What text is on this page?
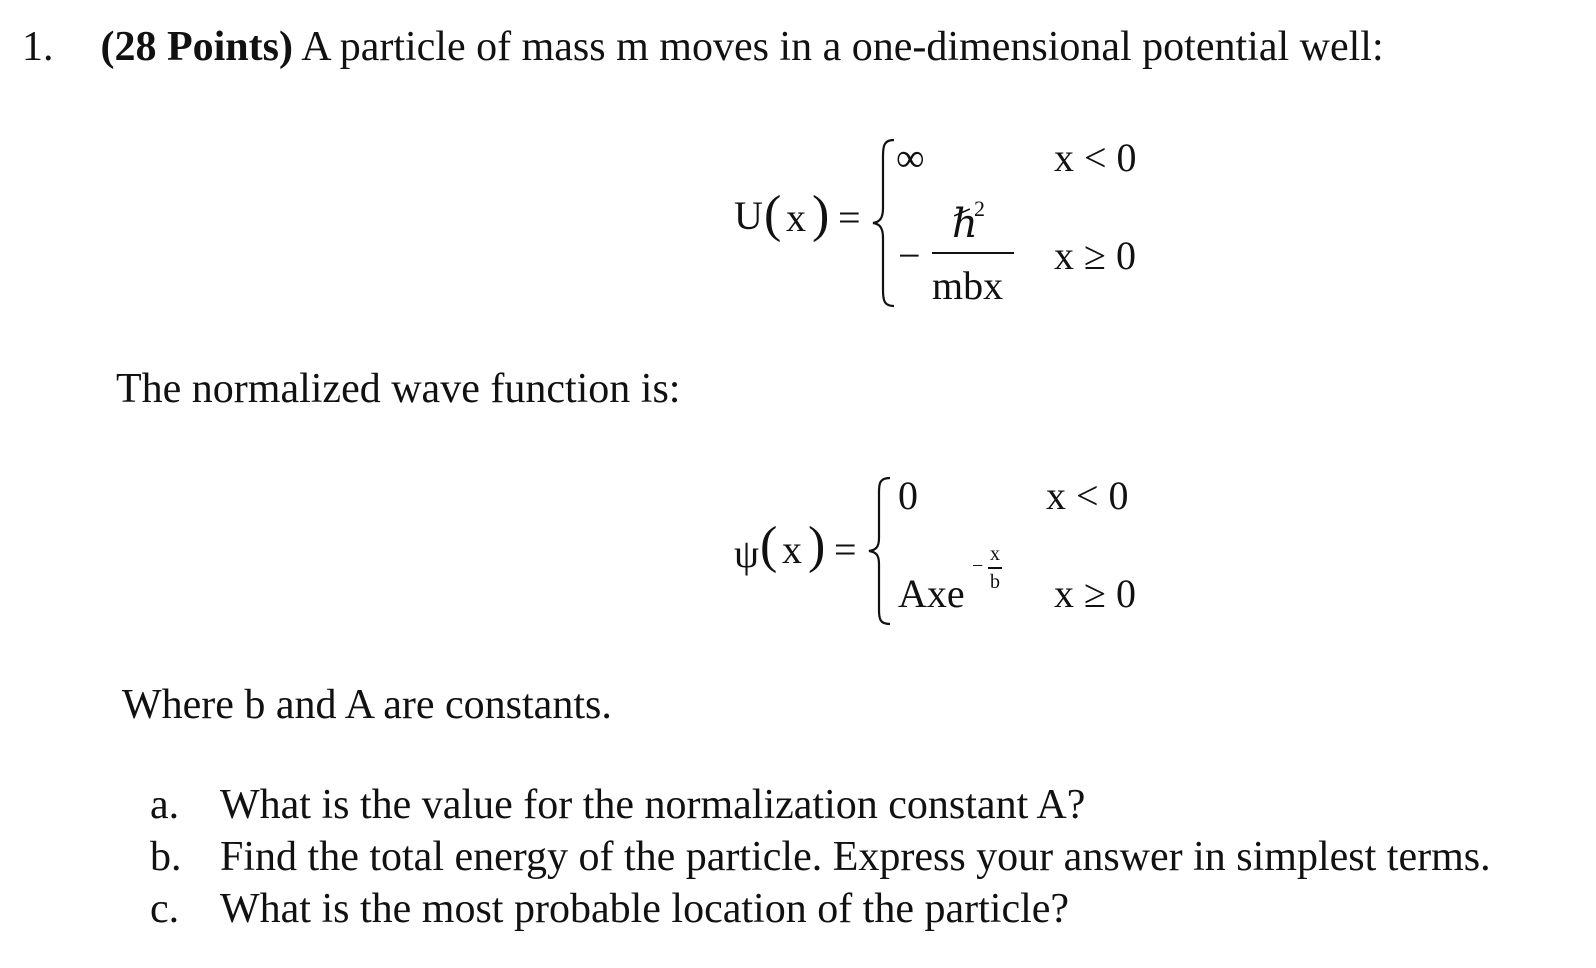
1. (28 Points) A particle of mass m moves in a one-dimensional potential well:
U ( x ) =
∞	x < 0
−
ℏ
2
mbx
x ≥ 0
The normalized wave function is:
ψ ( x ) =
0	x < 0
Axe
−
x
b x ≥ 0
Where b and A are constants.
a. What is the value for the normalization constant A?
b. Find the total energy of the particle. Express your answer in simplest terms.
c. What is the most probable location of the particle?
